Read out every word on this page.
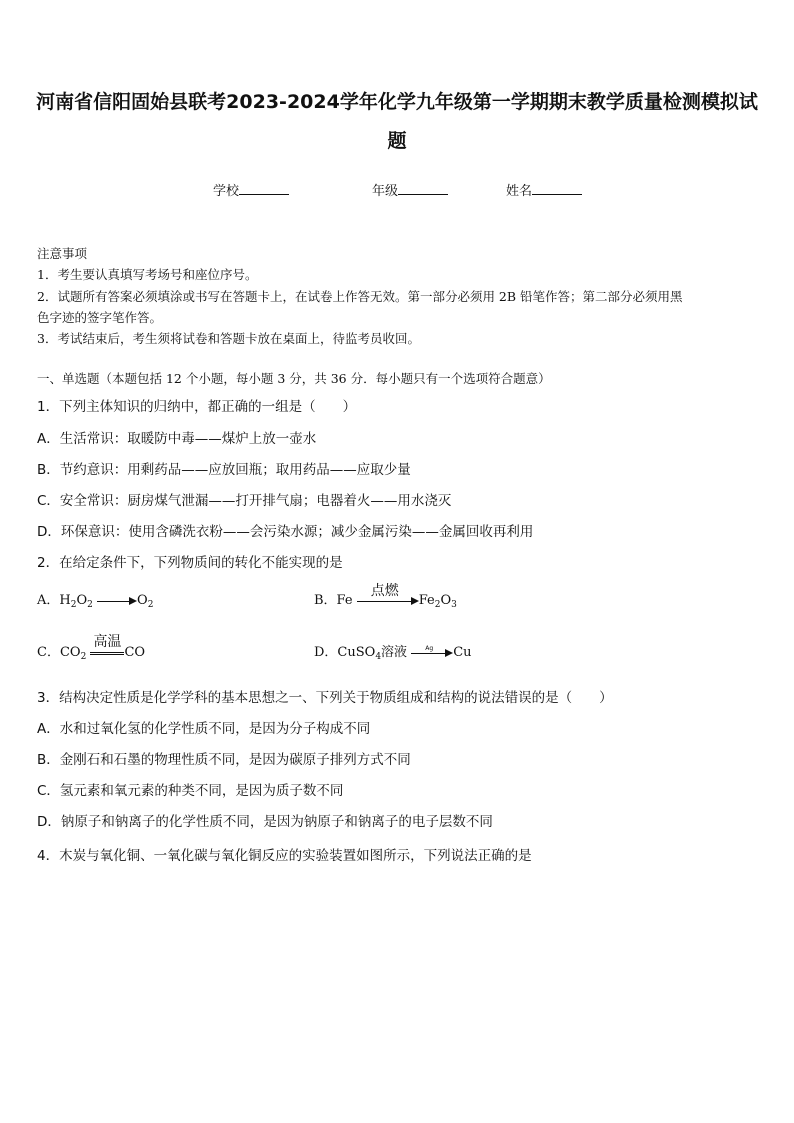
河南省信阳固始县联考2023-2024学年化学九年级第一学期期末教学质量检测模拟试
题
学校	年级	姓名
注意事项
1．考生要认真填写考场号和座位序号。
2．试题所有答案必须填涂或书写在答题卡上，在试卷上作答无效。第一部分必须用 2B 铅笔作答；第二部分必须用黑
色字迹的签字笔作答。
3．考试结束后，考生须将试卷和答题卡放在桌面上，待监考员收回。
一、单选题（本题包括 12 个小题，每小题 3 分，共 36 分．每小题只有一个选项符合题意）
1．下列主体知识的归纳中，都正确的一组是（　　）
A．生活常识：取暖防中毒——煤炉上放一壶水
B．节约意识：用剩药品——应放回瓶；取用药品——应取少量
C．安全常识：厨房煤气泄漏——打开排气扇；电器着火——用水浇灭
D．环保意识：使用含磷洗衣粉——会污染水源；减少金属污染——金属回收再利用
2．在给定条件下，下列物质间的转化不能实现的是
A．$H_2O_2$	$O_2$	B．Fe
点燃
$Fe_2O_3$
C．$CO_2$
高温
CO	D．CuSO$_4$溶液	Ag	Cu
3．结构决定性质是化学学科的基本思想之一、下列关于物质组成和结构的说法错误的是（　　）
A．水和过氧化氢的化学性质不同，是因为分子构成不同
B．金刚石和石墨的物理性质不同，是因为碳原子排列方式不同
C．氢元素和氧元素的种类不同，是因为质子数不同
D．钠原子和钠离子的化学性质不同，是因为钠原子和钠离子的电子层数不同
4．木炭与氧化铜、一氧化碳与氧化铜反应的实验装置如图所示，下列说法正确的是
